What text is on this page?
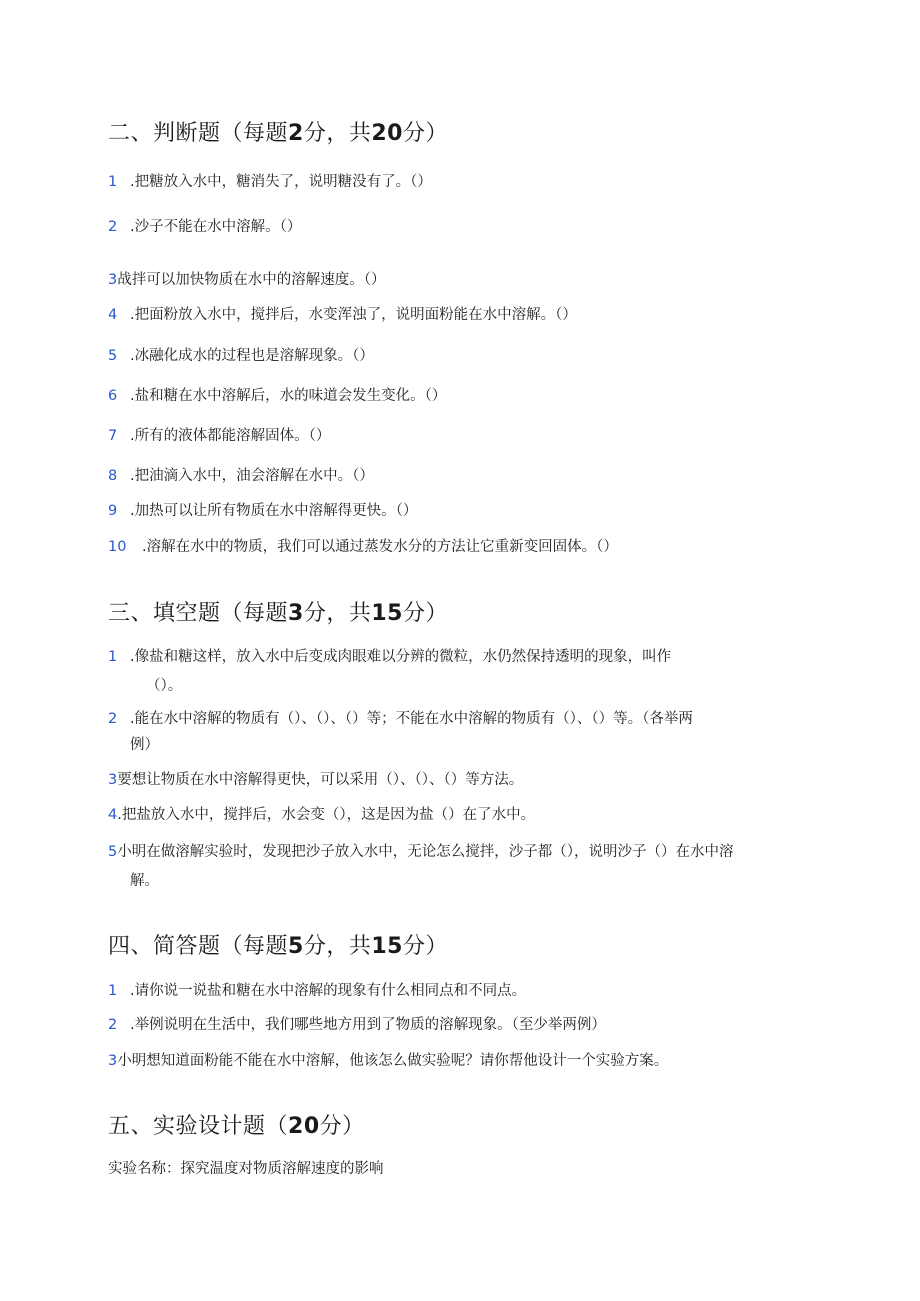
二、判断题（每题2分，共20分）
1 .把糖放入水中，糖消失了，说明糖没有了。（）
2 .沙子不能在水中溶解。（）
3战拌可以加快物质在水中的溶解速度。（）
4 .把面粉放入水中，搅拌后，水变浑浊了，说明面粉能在水中溶解。（）
5 .冰融化成水的过程也是溶解现象。（）
6 .盐和糖在水中溶解后，水的味道会发生变化。（）
7 .所有的液体都能溶解固体。（）
8 .把油滴入水中，油会溶解在水中。（）
9 .加热可以让所有物质在水中溶解得更快。（）
10 .溶解在水中的物质，我们可以通过蒸发水分的方法让它重新变回固体。（）
三、填空题（每题3分，共15分）
1 .像盐和糖这样，放入水中后变成肉眼难以分辨的微粒，水仍然保持透明的现象，叫作
（）。
2 .能在水中溶解的物质有（）、（）、（）等；不能在水中溶解的物质有（）、（）等。（各举两
例）
3要想让物质在水中溶解得更快，可以采用（）、（）、（）等方法。
4.把盐放入水中，搅拌后，水会变（），这是因为盐（）在了水中。
5小明在做溶解实验时，发现把沙子放入水中，无论怎么搅拌，沙子都（），说明沙子（）在水中溶
解。
四、简答题（每题5分，共15分）
1 .请你说一说盐和糖在水中溶解的现象有什么相同点和不同点。
2 .举例说明在生活中，我们哪些地方用到了物质的溶解现象。（至少举两例）
3小明想知道面粉能不能在水中溶解，他该怎么做实验呢？请你帮他设计一个实验方案。
五、实验设计题（20分）
实验名称：探究温度对物质溶解速度的影响
